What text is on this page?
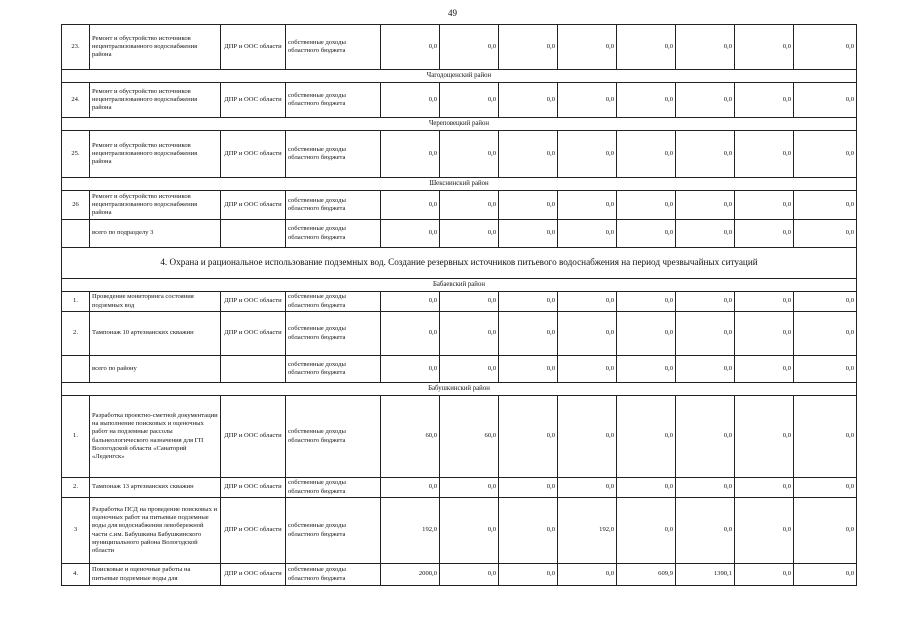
49
23.	Ремонт и обустройство источников нецентрализованного водоснабжения района	ДПР и ООС области	собственные доходы областного бюджета	0,0	0,0	0,0	0,0	0,0	0,0	0,0	0,0
Чагодощенский район											
24.	Ремонт и обустройство источников нецентрализованного водоснабжения района	ДПР и ООС области	собственные доходы областного бюджета	0,0	0,0	0,0	0,0	0,0	0,0	0,0	0,0
Череповецкий район											
25.	Ремонт и обустройство источников нецентрализованного водоснабжения района	ДПР и ООС области	собственные доходы областного бюджета	0,0	0,0	0,0	0,0	0,0	0,0	0,0	0,0
Шекснинский район											
26	Ремонт и обустройство источников нецентрализованного водоснабжения района	ДПР и ООС области	собственные доходы областного бюджета	0,0	0,0	0,0	0,0	0,0	0,0	0,0	0,0
	всего по подразделу 3		собственные доходы областного бюджета	0,0	0,0	0,0	0,0	0,0	0,0	0,0	0,0
4. Охрана и рациональное использование подземных вод. Создание резервных источников питьевого водоснабжения на период чрезвычайных ситуаций											
Бабаевский район											
1.	Проведение мониторинга состояния подземных вод	ДПР и ООС области	собственные доходы областного бюджета	0,0	0,0	0,0	0,0	0,0	0,0	0,0	0,0
2.	Тампонаж 10 артезианских скважин	ДПР и ООС области	собственные доходы областного бюджета	0,0	0,0	0,0	0,0	0,0	0,0	0,0	0,0
	всего по району		собственные доходы областного бюджета	0,0	0,0	0,0	0,0	0,0	0,0	0,0	0,0
Бабушкинский район											
1.	Разработка проектно-сметной документации на выполнение поисковых и оценочных работ на подземные рассолы бальнеологического назначения для ГП Вологодской области «Санаторий «Леденгск»	ДПР и ООС области	собственные доходы областного бюджета	60,0	60,0	0,0	0,0	0,0	0,0	0,0	0,0
2.	Тампонаж 13 артезианских скважин	ДПР и ООС области	собственные доходы областного бюджета	0,0	0,0	0,0	0,0	0,0	0,0	0,0	0,0
3	Разработка ПСД на проведение поисковых и оценочных работ на питьевые подземные воды для водоснабжения левобережной части с.им. Бабушкина Бабушкинского муниципального района Вологодской области	ДПР и ООС области	собственные доходы областного бюджета	192,0	0,0	0,0	192,0	0,0	0,0	0,0	0,0
4.	Поисковые и оценочные работы на питьевые подземные воды для	ДПР и ООС области	собственные доходы областного бюджета	2000,0	0,0	0,0	0,0	609,9	1390,1	0,0	0,0
